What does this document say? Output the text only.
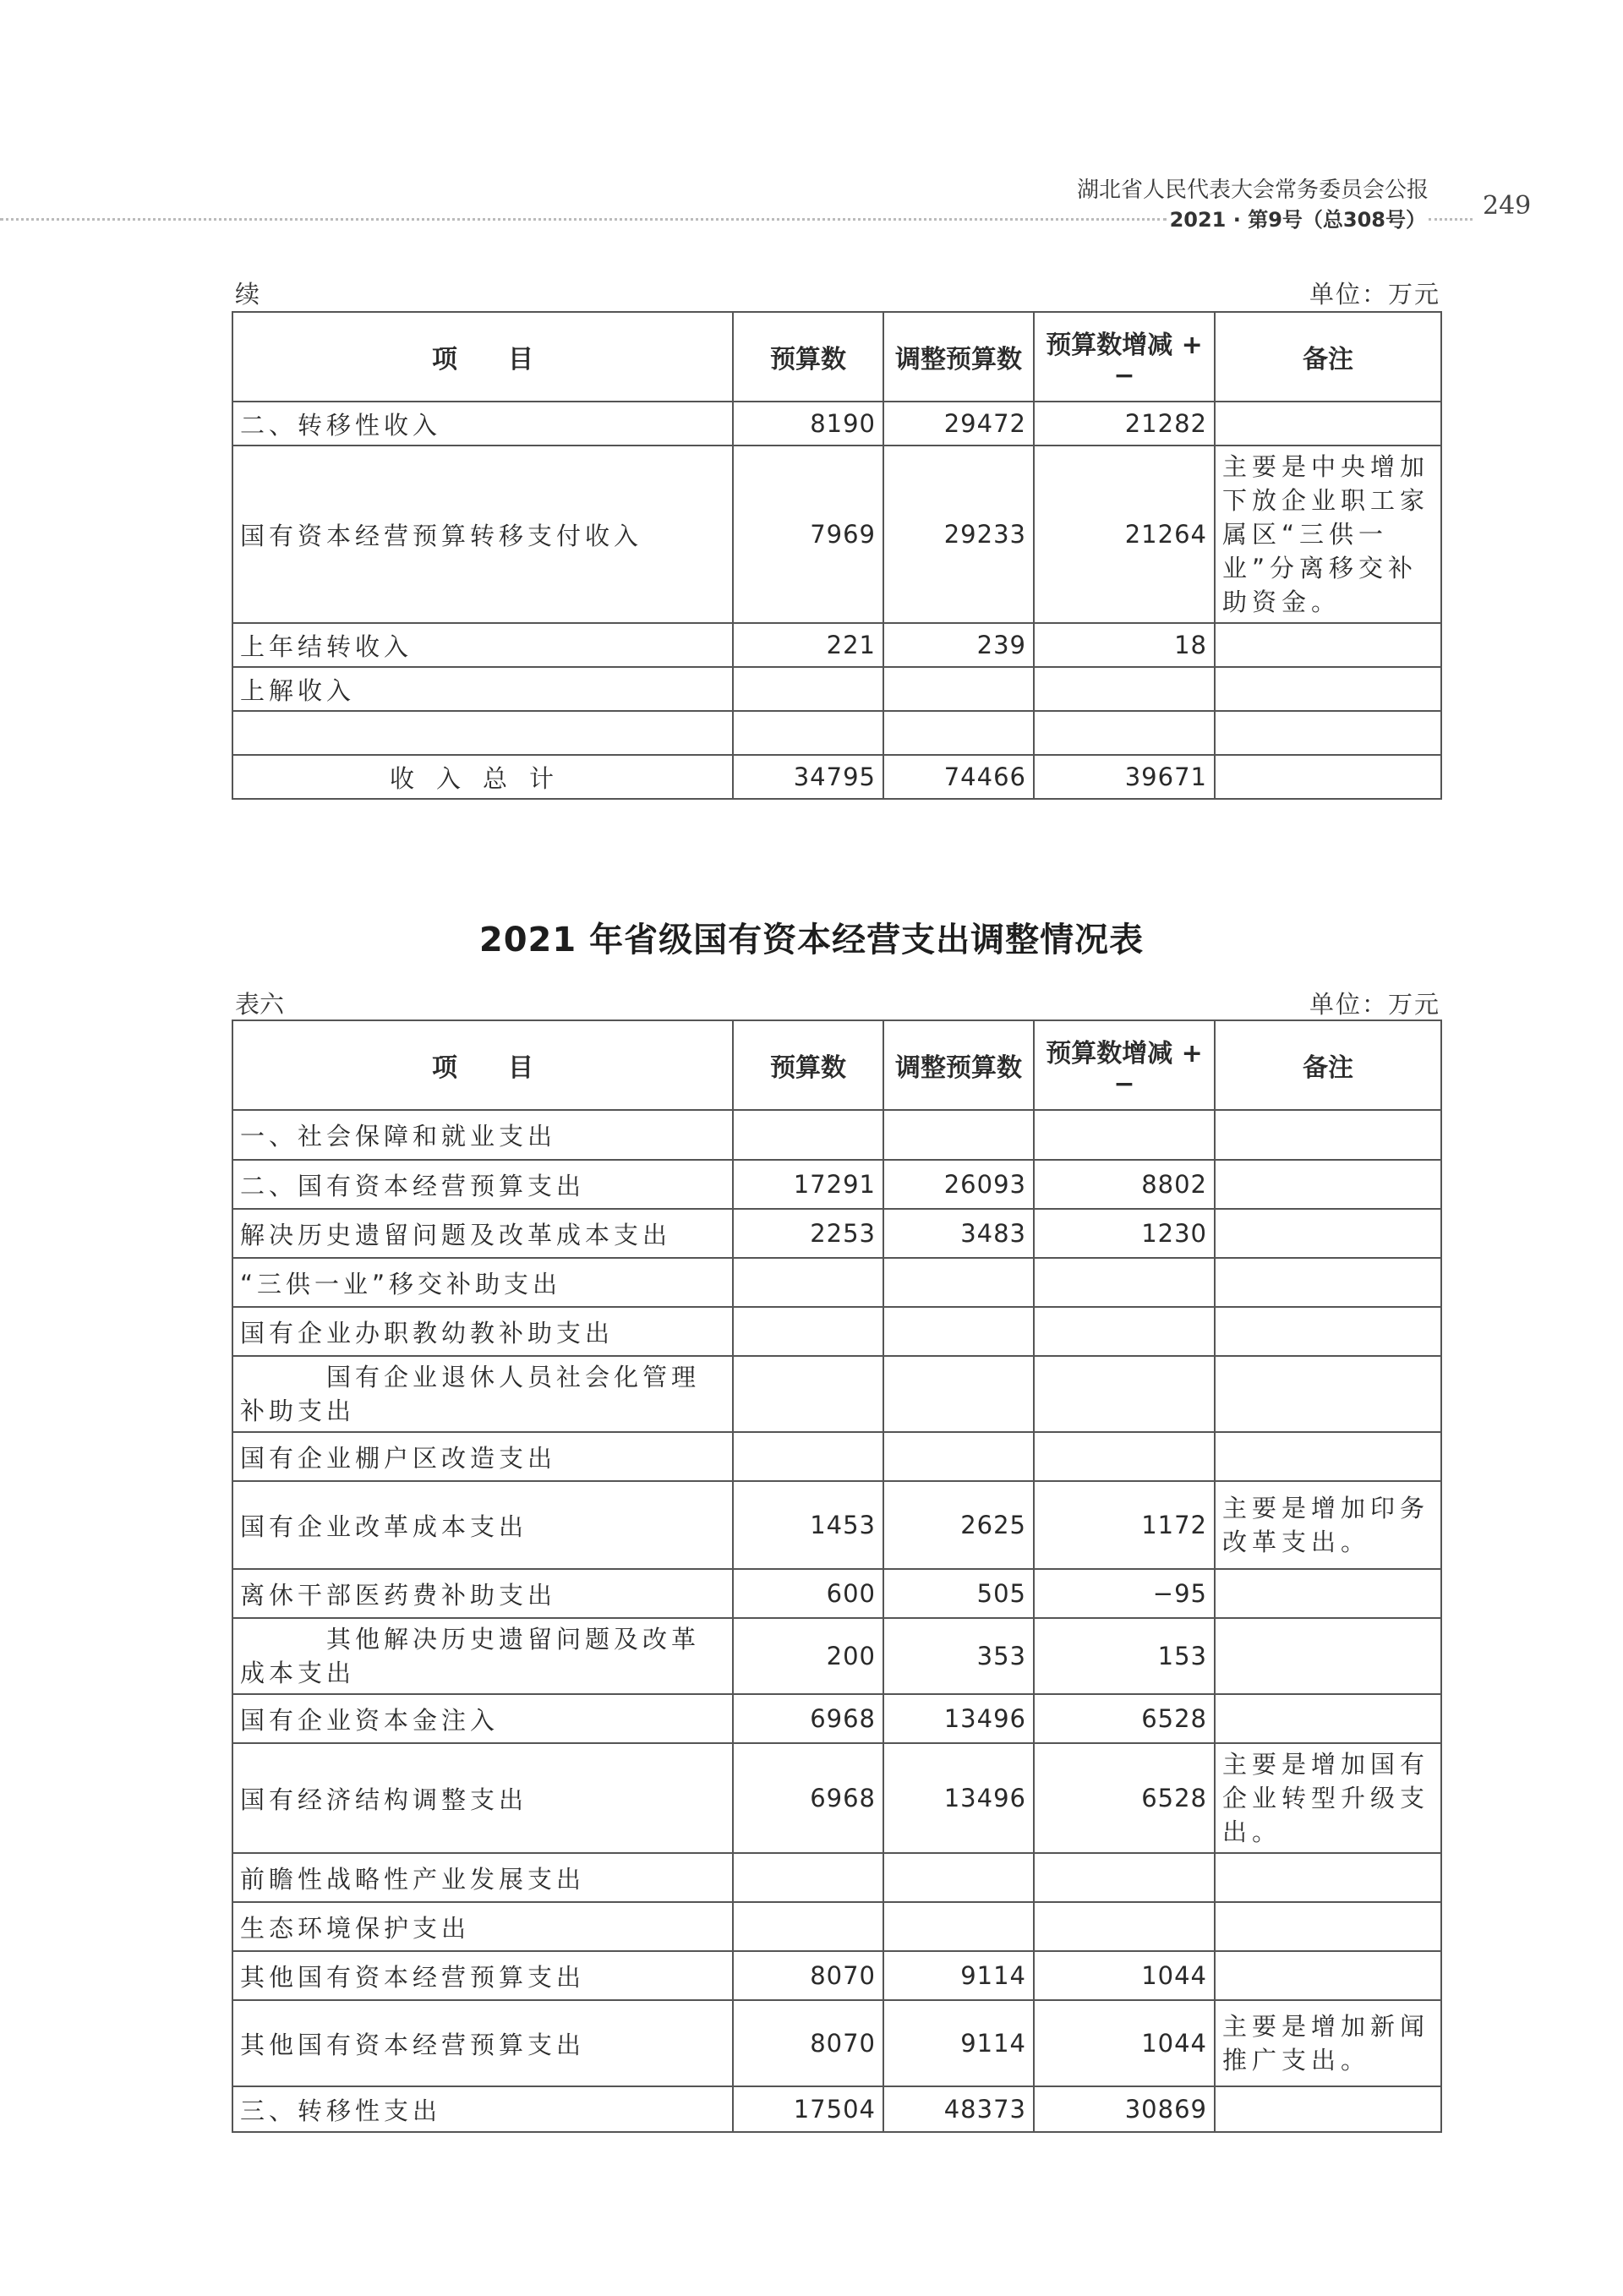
湖北省人民代表大会常务委员会公报
2021 · 第9号（总308号） 249
续	单位：万元
项　　目	预算数	调整预算数	预算数增减 +−	备注
二、转移性收入	8190	29472	21282	
国有资本经营预算转移支付收入	7969	29233	21264	主要是中央增加下放企业职工家属区“三供一业”分离移交补助资金。
上年结转收入	221	239	18	
上解收入				

收入总计	34795	74466	39671	
2021 年省级国有资本经营支出调整情况表
表六	单位：万元
项　　目	预算数	调整预算数	预算数增减 +−	备注
一、社会保障和就业支出				
二、国有资本经营预算支出	17291	26093	8802	
解决历史遗留问题及改革成本支出	2253	3483	1230	
“三供一业”移交补助支出				
国有企业办职教幼教补助支出				
国有企业退休人员社会化管理补助支出				
国有企业棚户区改造支出				
国有企业改革成本支出	1453	2625	1172	主要是增加印务改革支出。
离休干部医药费补助支出	600	505	−95	
其他解决历史遗留问题及改革成本支出	200	353	153	
国有企业资本金注入	6968	13496	6528	
国有经济结构调整支出	6968	13496	6528	主要是增加国有企业转型升级支出。
前瞻性战略性产业发展支出				
生态环境保护支出				
其他国有资本经营预算支出	8070	9114	1044	
其他国有资本经营预算支出	8070	9114	1044	主要是增加新闻推广支出。
三、转移性支出	17504	48373	30869	
